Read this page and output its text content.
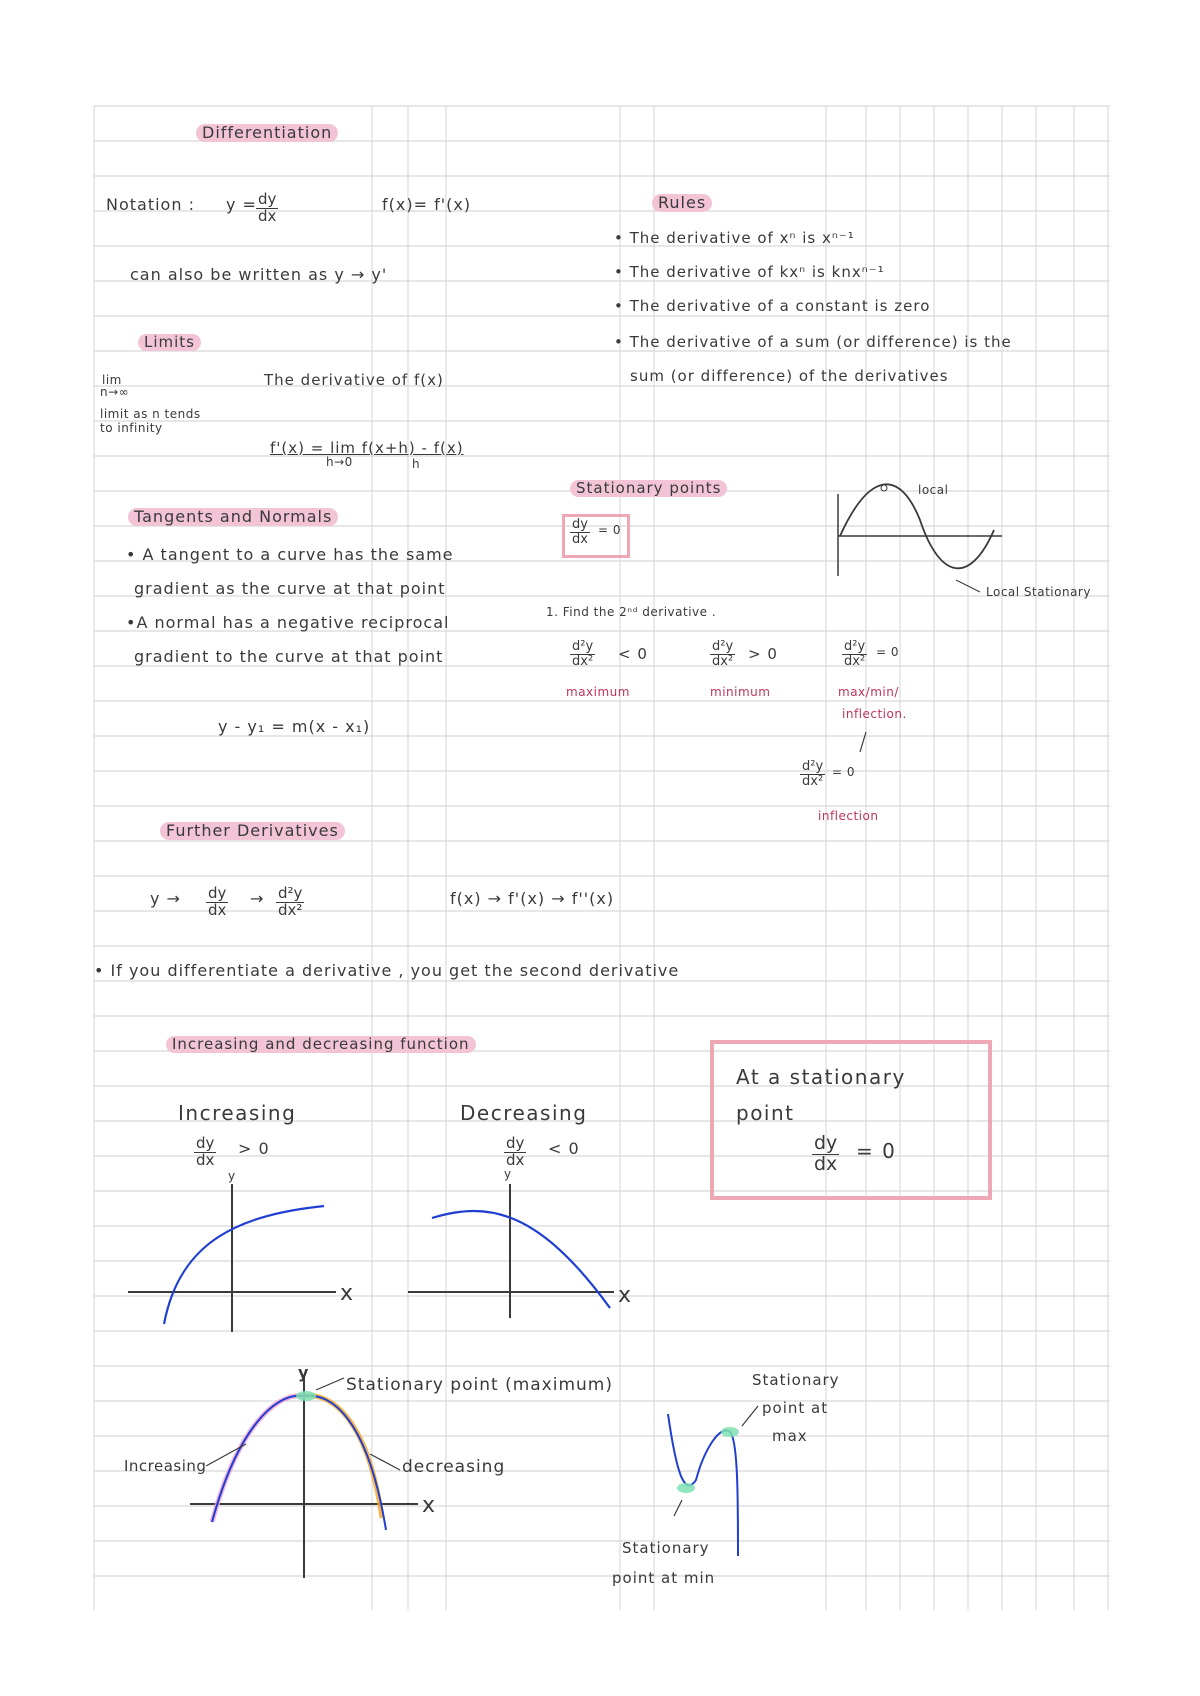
Differentiation
Notation : $y = \frac{dy}{dx}$	f(x)= f'(x)
can also be written as y → y'
Limits
lim
n→∞
limit as n tends
to infinity
The derivative of f(x)
f'(x) = lim f(x+h) - f(x)
h→0	h
Tangents and Normals
• A tangent to a curve has the same
gradient as the curve at that point
•A normal has a negative reciprocal
gradient to the curve at that point
y - y₁ = m(x - x₁)
Further Derivatives
$y \to \frac{dy}{dx} \to \frac{\text{d²y}}{\text{dx²}}$	f(x) → f'(x) → f''(x)
• If you differentiate a derivative , you get the second derivative
Rules
• The derivative of xⁿ is xⁿ⁻¹
• The derivative of kxⁿ is knxⁿ⁻¹
• The derivative of a constant is zero
• The derivative of a sum (or difference) is the
sum (or difference) of the derivatives
Stationary points
$\frac{dy}{dx} = 0$
local
Local Stationary
1. Find the 2ⁿᵈ derivative .
$\frac{\text{d²y}}{\text{dx²}} < 0$
maximum
$\frac{\text{d²y}}{\text{dx²}} > 0$
minimum
$\frac{\text{d²y}}{\text{dx²}} = 0$
max/min/
inflection.
$\frac{\text{d²y}}{\text{dx²}} = 0$
inflection
Increasing and decreasing function
Increasing
$\frac{dy}{dx} > 0$
Decreasing
$\frac{dy}{dx} < 0$
At a stationary
point
$\frac{dy}{dx} = 0$
x
y
x
y
y
x
Stationary point (maximum)
Increasing	decreasing
Stationary
point at
max
Stationary
point at min
